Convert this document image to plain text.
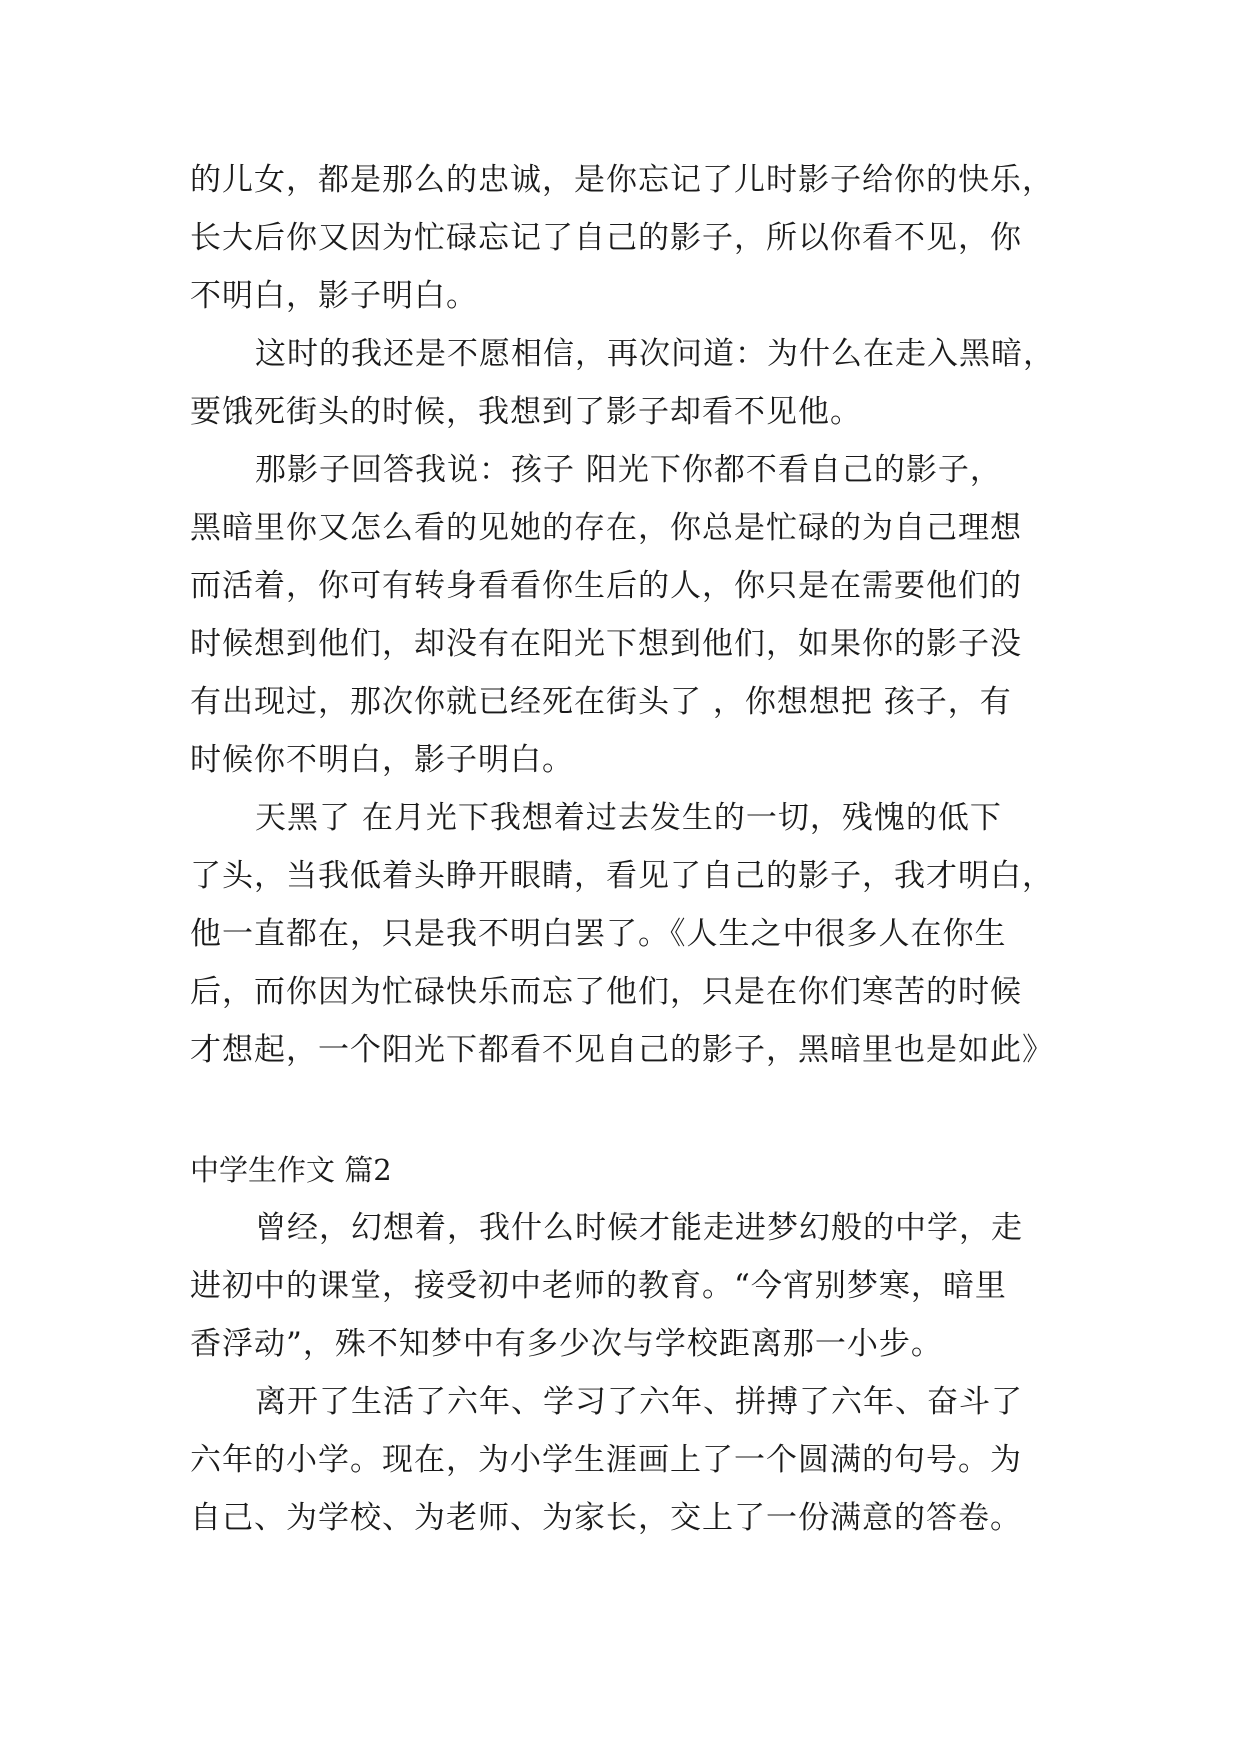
的儿女，都是那么的忠诚，是你忘记了儿时影子给你的快乐，
长大后你又因为忙碌忘记了自己的影子，所以你看不见，你
不明白，影子明白。
这时的我还是不愿相信，再次问道：为什么在走入黑暗，
要饿死街头的时候，我想到了影子却看不见他。
那影子回答我说：孩子 阳光下你都不看自己的影子，
黑暗里你又怎么看的见她的存在，你总是忙碌的为自己理想
而活着，你可有转身看看你生后的人，你只是在需要他们的
时候想到他们，却没有在阳光下想到他们，如果你的影子没
有出现过，那次你就已经死在街头了 ，你想想把 孩子，有
时候你不明白，影子明白。
天黑了 在月光下我想着过去发生的一切，残愧的低下
了头，当我低着头睁开眼睛，看见了自己的影子，我才明白，
他一直都在，只是我不明白罢了。《人生之中很多人在你生
后，而你因为忙碌快乐而忘了他们，只是在你们寒苦的时候
才想起，一个阳光下都看不见自己的影子，黑暗里也是如此》
中学生作文 篇2
曾经，幻想着，我什么时候才能走进梦幻般的中学，走
进初中的课堂，接受初中老师的教育。“今宵别梦寒，暗里
香浮动”，殊不知梦中有多少次与学校距离那一小步。
离开了生活了六年、学习了六年、拼搏了六年、奋斗了
六年的小学。现在，为小学生涯画上了一个圆满的句号。为
自己、为学校、为老师、为家长，交上了一份满意的答卷。
